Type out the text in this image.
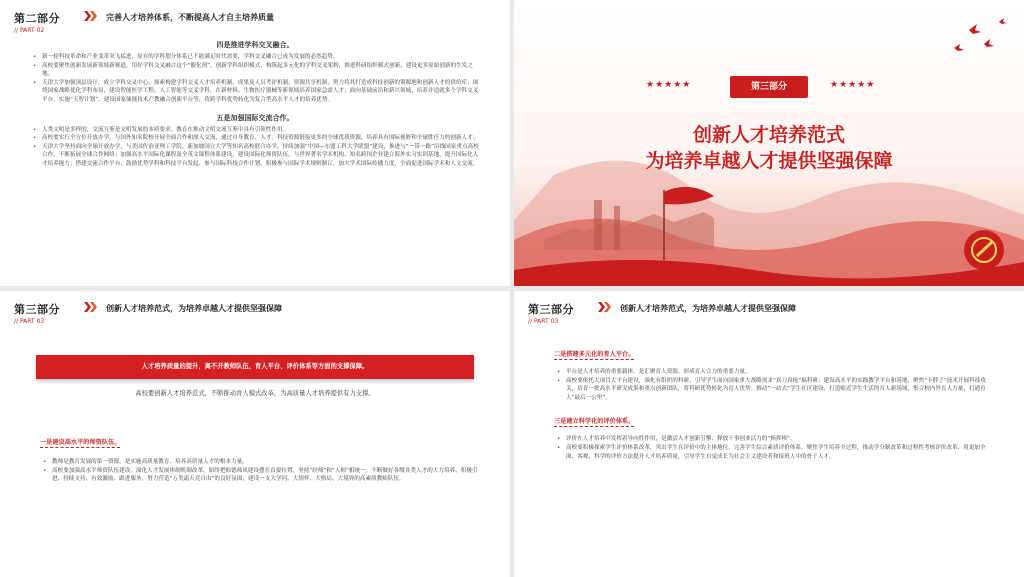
第二部分
// PART 02
完善人才培养体系，不断提高人才自主培养质量

四是推进学科交叉融合。

• 新一轮科技革命和产业变革突飞猛进，原有的学科划分体系已不能满足时代需要，学科交叉融合已成为发展的必然趋势。
• 高校要聚焦创新发展新领域新赛道，用好学科交叉融合这个“催化剂”，创新学科组织模式，构筑起多元化的学科交叉架构，推进科研组织模式创新，建设更多原始创新的生发之地。
• 天津大学加强顶层设计，成立学科交叉中心，探索构建学科交叉人才培养机制、成果及人员考评机制、资源共享机制，努力将其打造成科技创新的策源地和创新人才的供给库；围绕国家战略优化学科布局，建设智能医学工程、人工智能等交叉学科，在新材料、生物医疗器械等新领域培养国家急需人才；面向基础前沿和新兴领域，培养并造就多个学科交叉平台，实施“天智计划”，建设国家储能技术产教融合创新平台等，将跨学科优势转化为复合型高水平人才的培养优势。

五是加强国际交流合作。

• 人类文明是多样的，交流互鉴是文明发展的本质要求。教育在推动文明交流互鉴中具有引领性作用。
• 高校要实行全方位开放办学，与国外知名院校开展全面合作和深入交流，通过自身教育、人才、科技资源链接更多的全球优质资源，培养具有国际视野和全球胜任力的创新人才。
• 天津大学坚持面向全球开放办学，与美国佐治亚理工学院、新加坡国立大学等知名高校联合办学，持续加强“中国—东盟工科大学联盟”建设，推进与“一带一路”沿线国家重点高校合作，不断拓展全球合作网络；加强高水平国际化课程及全英文课程体系建设，建设国际化师资队伍，与世界著名学术机构、知名跨国企业建立海外实习实训基地，提升国际化人才培养能力；搭建交流合作平台，鼓励优势学科和科技平台发起、参与国际科技合作计划，积极参与国际学术规则制订，加大学术国际传播力度，全面促进国际学术和人文交流。
★★★★★	第三部分	★★★★★
创新人才培养范式
为培养卓越人才提供坚强保障
第三部分
// PART 03
创新人才培养范式，为培养卓越人才提供坚强保障
人才培养质量的提升，离不开教师队伍、育人平台、评价体系等方面的支撑保障。
高校要创新人才培养范式，不断推动育人模式改革，为高质量人才培养提供有力支撑。
一是建设高水平的师资队伍。
• 教师是教育发展的第一资源，是实施高质量教育、培养高质量人才的根本力量。
• 高校要加强高水平师资队伍建设，深化人才发展体制机制改革，始终把师德师风建设摆在首要位置，坚持“经师”和“人师”相统一，不断做好各级各类人才的大力培养、积极引进、持续支持、有效激励、跟进服务，努力营造“万类霜天竞自由”的良好氛围，建设一支大学问、大情怀、大格局、大境界的高素质教师队伍。
第三部分
// PART 03
创新人才培养范式，为培养卓越人才提供坚强保障
二是搭建多元化的育人平台。
• 平台是人才培养的重要载体，是汇聚育人资源、形成育人合力的重要力量。
• 高校要依托大项目大平台建设，强化有组织的科研，引导学生面向国家重大战略需求“真刀真枪”搞科研；建设高水平的实践教学平台和基地，聚焦“卡脖子”技术开展科技攻关，培育一批高水平研究成果和重点创新团队，将科研优势转化为育人优势；推动“一站式”学生社区建设，打造贴近学生生活的育人新场域，集合校内外育人力量，打通育人“最后一公里”。
三是建立科学化的评价体系。
• 评价在人才培养中发挥着导向性作用，是激活人才创新引擎、释放干事创业活力的“指挥棒”。
• 高校要积极探索学生评价体系改革，突出学生在评价中的主体地位，完善学生综合素质评价体系，聚焦学生培养全过程，推动学分制改革和过程性考核评价改革，用更加全面、客观、科学的评价方法提升人才培养质量，引导学生自觉成长为社会主义建设者和接班人中的骨干人才。
